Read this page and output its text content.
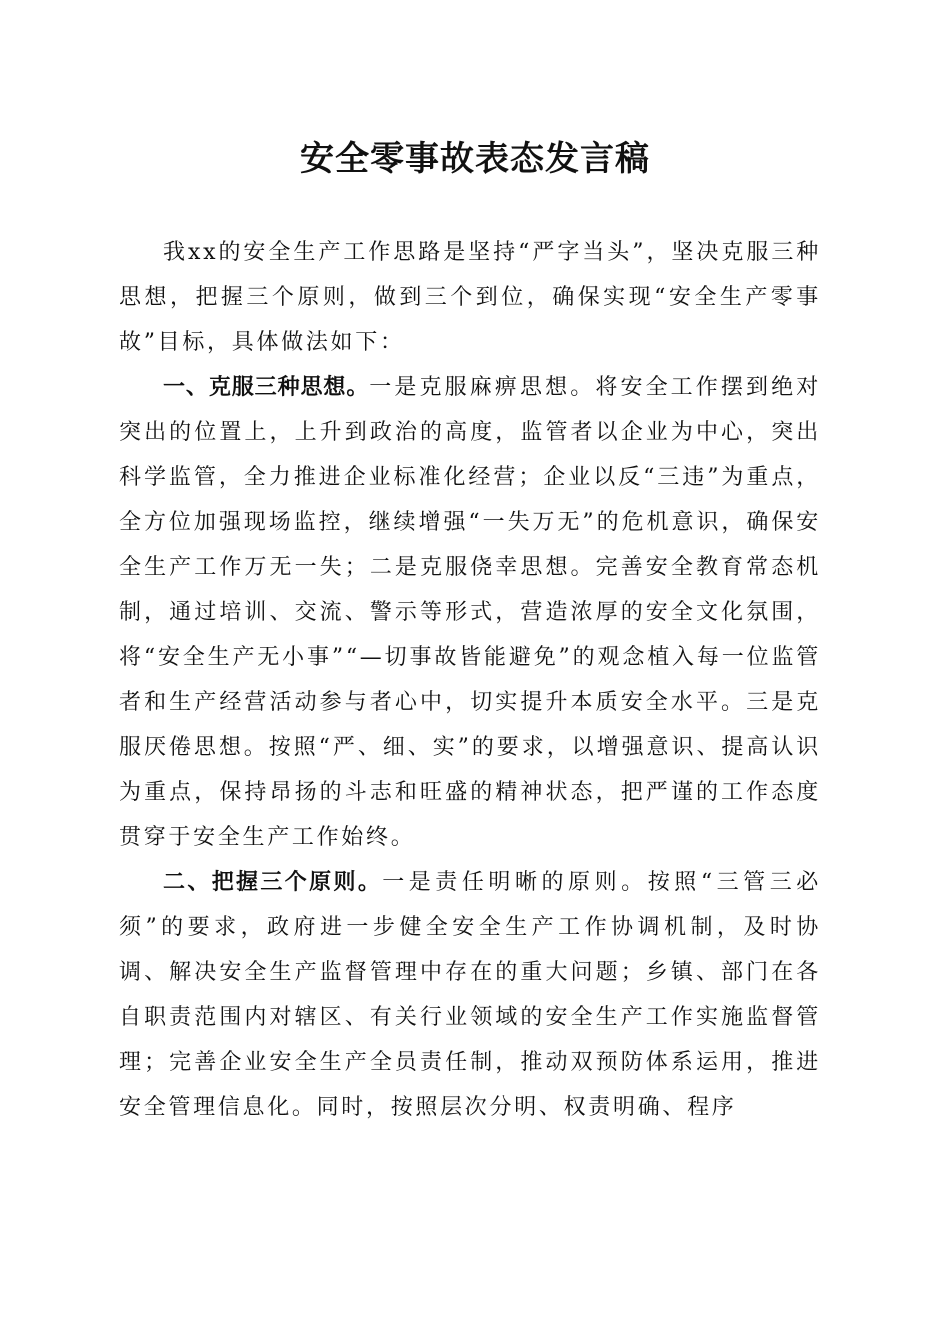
安全零事故表态发言稿

我xx的安全生产工作思路是坚持“严字当头”，坚决克服三种思想，把握三个原则，做到三个到位，确保实现“安全生产零事故”目标，具体做法如下：

一、克服三种思想。一是克服麻痹思想。将安全工作摆到绝对突出的位置上，上升到政治的高度，监管者以企业为中心，突出科学监管，全力推进企业标准化经营；企业以反“三违”为重点，全方位加强现场监控，继续增强“一失万无”的危机意识，确保安全生产工作万无一失；二是克服侥幸思想。完善安全教育常态机制，通过培训、交流、警示等形式，营造浓厚的安全文化氛围，将“安全生产无小事”“—切事故皆能避免”的观念植入每一位监管者和生产经营活动参与者心中，切实提升本质安全水平。三是克服厌倦思想。按照“严、细、实”的要求，以增强意识、提高认识为重点，保持昂扬的斗志和旺盛的精神状态，把严谨的工作态度贯穿于安全生产工作始终。

二、把握三个原则。一是责任明晰的原则。按照“三管三必须”的要求，政府进一步健全安全生产工作协调机制，及时协调、解决安全生产监督管理中存在的重大问题；乡镇、部门在各自职责范围内对辖区、有关行业领域的安全生产工作实施监督管理；完善企业安全生产全员责任制，推动双预防体系运用，推进安全管理信息化。同时，按照层次分明、权责明确、程序
